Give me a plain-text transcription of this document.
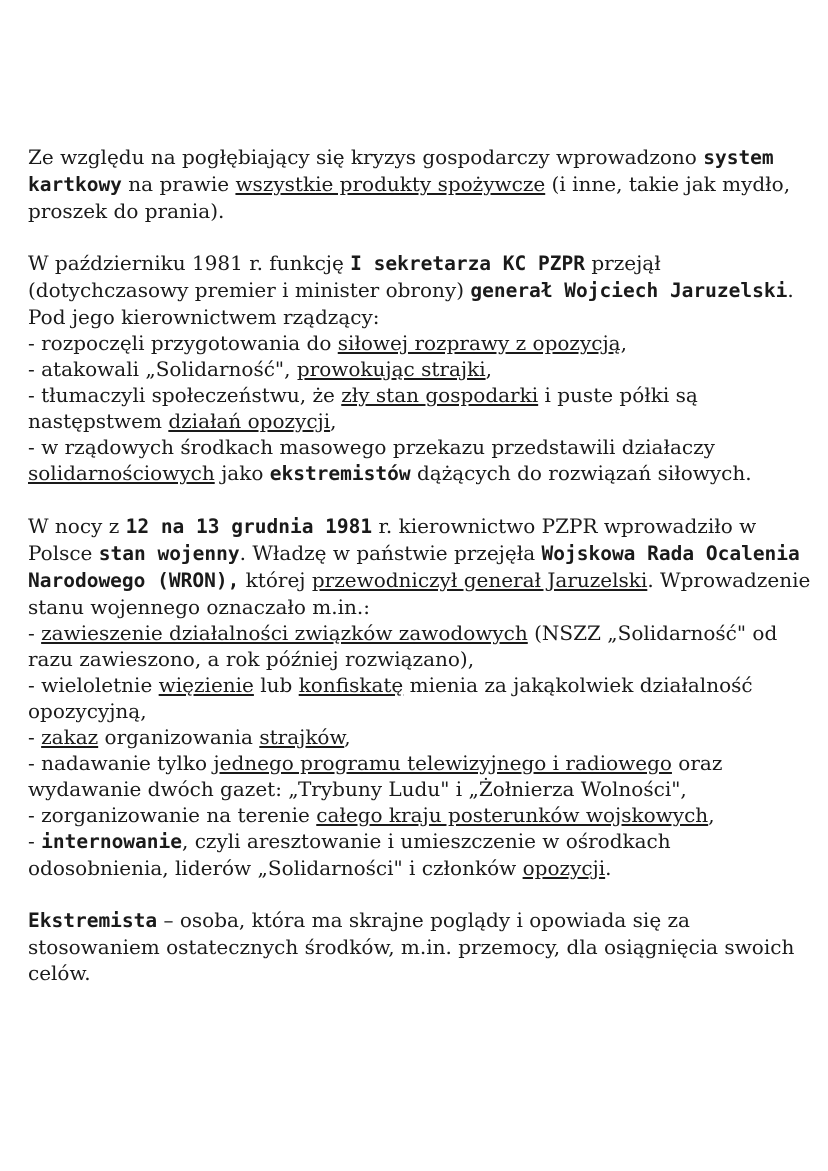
Ze względu na pogłębiający się kryzys gospodarczy wprowadzono system kartkowy na prawie wszystkie produkty spożywcze (i inne, takie jak mydło, proszek do prania).

W październiku 1981 r. funkcję I sekretarza KC PZPR przejął (dotychczasowy premier i minister obrony) generał Wojciech Jaruzelski. Pod jego kierownictwem rządzący:

- rozpoczęli przygotowania do siłowej rozprawy z opozycją,

- atakowali „Solidarność", prowokując strajki,

- tłumaczyli społeczeństwu, że zły stan gospodarki i puste półki są następstwem działań opozycji,

- w rządowych środkach masowego przekazu przedstawili działaczy solidarnościowych jako ekstremistów dążących do rozwiązań siłowych.

W nocy z 12 na 13 grudnia 1981 r. kierownictwo PZPR wprowadziło w Polsce stan wojenny. Władzę w państwie przejęła Wojskowa Rada Ocalenia Narodowego (WRON), której przewodniczył generał Jaruzelski. Wprowadzenie stanu wojennego oznaczało m.in.:

- zawieszenie działalności związków zawodowych (NSZZ „Solidarność" od razu zawieszono, a rok później rozwiązano),

- wieloletnie więzienie lub konfiskatę mienia za jakąkolwiek działalność opozycyjną,

- zakaz organizowania strajków,

- nadawanie tylko jednego programu telewizyjnego i radiowego oraz wydawanie dwóch gazet: „Trybuny Ludu" i „Żołnierza Wolności",

- zorganizowanie na terenie całego kraju posterunków wojskowych,

- internowanie, czyli aresztowanie i umieszczenie w ośrodkach odosobnienia, liderów „Solidarności" i członków opozycji.

Ekstremista – osoba, która ma skrajne poglądy i opowiada się za stosowaniem ostatecznych środków, m.in. przemocy, dla osiągnięcia swoich celów.
